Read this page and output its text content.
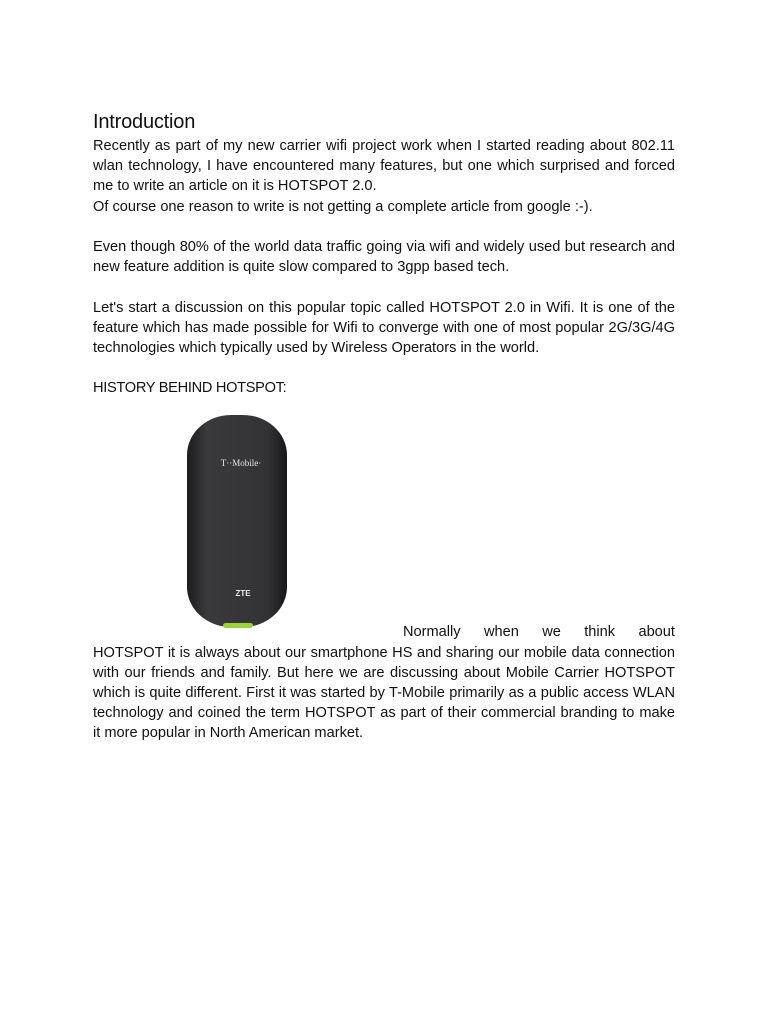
Introduction

Recently as part of my new carrier wifi project work when I started reading about 802.11 wlan technology, I have encountered many features, but one which surprised and forced me to write an article on it is HOTSPOT 2.0.

Of course one reason to write is not getting a complete article from google :-).

Even though 80% of the world data traffic going via wifi and widely used but research and new feature addition is quite slow compared to 3gpp based tech.

Let's start a discussion on this popular topic called HOTSPOT 2.0 in Wifi. It is one of the feature which has made possible for Wifi to converge with one of most popular 2G/3G/4G technologies which typically used by Wireless Operators in the world.

HISTORY BEHIND HOTSPOT:

T··Mobile·
ZTE
Normally when we think about

HOTSPOT it is always about our smartphone HS and sharing our mobile data connection with our friends and family. But here we are discussing about Mobile Carrier HOTSPOT which is quite different. First it was started by T-Mobile primarily as a public access WLAN technology and coined the term HOTSPOT as part of their commercial branding to make it more popular in North American market.
